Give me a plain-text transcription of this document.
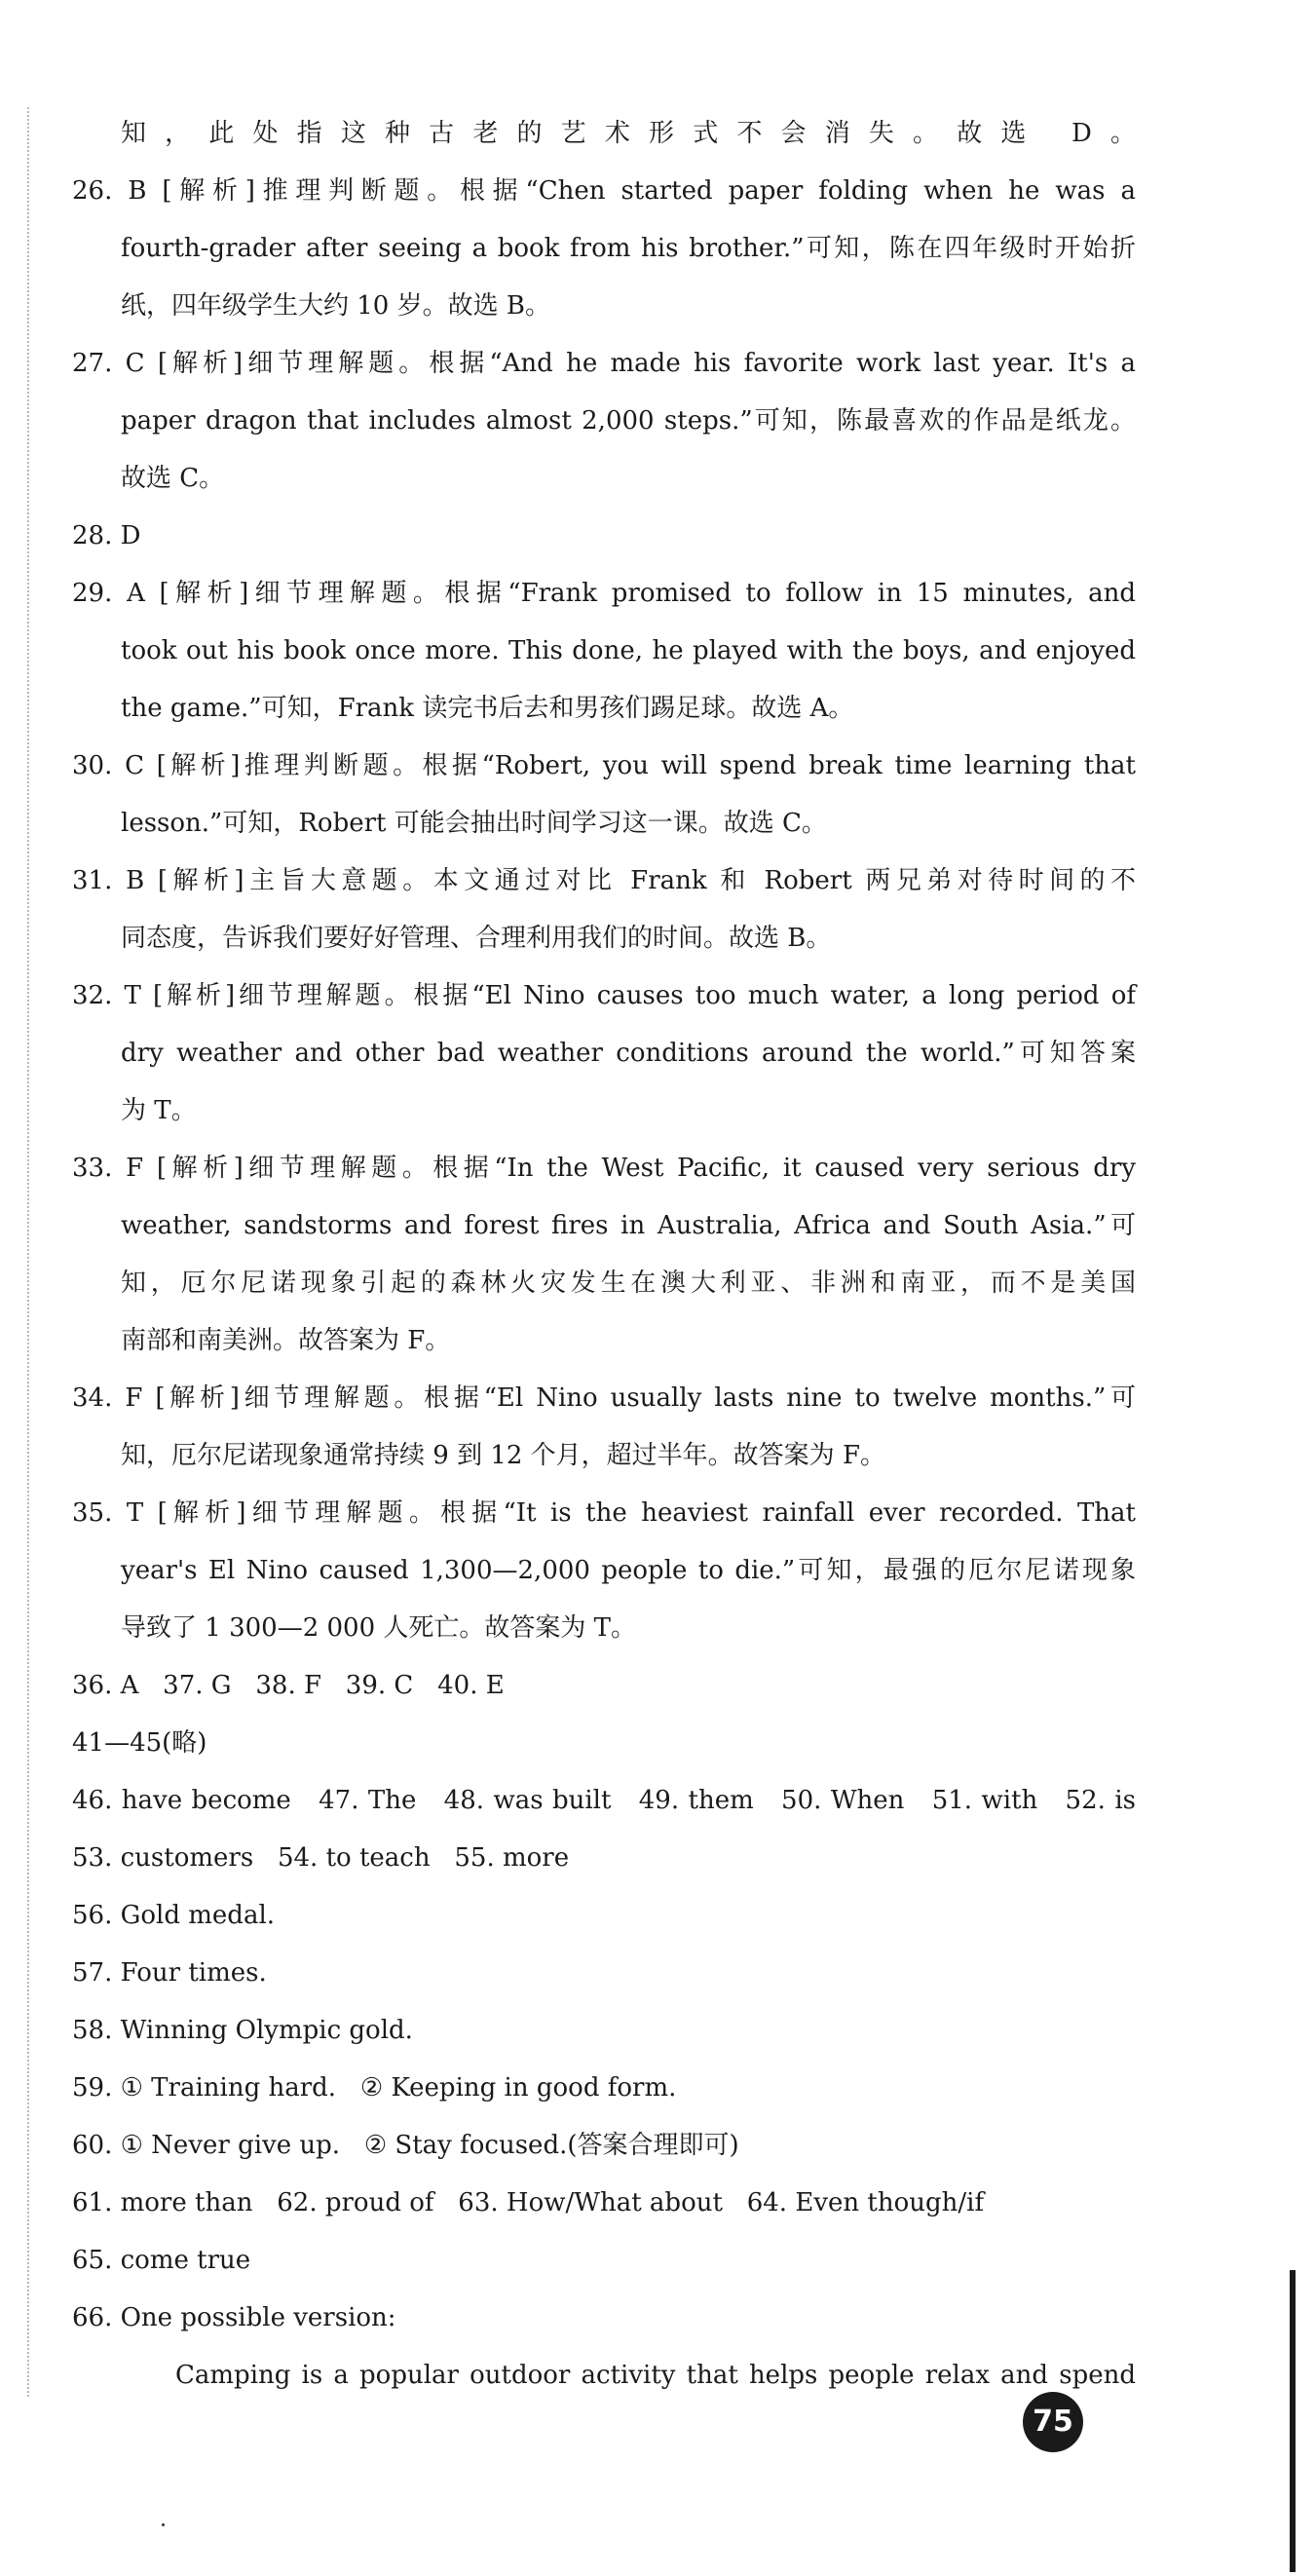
知，此处指这种古老的艺术形式不会消失。故选 D。
26. B [解析]推理判断题。根据“Chen started paper folding when he was a
fourth-grader after seeing a book from his brother.”可知，陈在四年级时开始折
纸，四年级学生大约 10 岁。故选 B。
27. C [解析]细节理解题。根据“And he made his favorite work last year. It's a
paper dragon that includes almost 2,000 steps.”可知，陈最喜欢的作品是纸龙。
故选 C。
28. D
29. A [解析]细节理解题。根据“Frank promised to follow in 15 minutes, and
took out his book once more. This done, he played with the boys, and enjoyed
the game.”可知，Frank 读完书后去和男孩们踢足球。故选 A。
30. C [解析]推理判断题。根据“Robert, you will spend break time learning that
lesson.”可知，Robert 可能会抽出时间学习这一课。故选 C。
31. B [解析]主旨大意题。本文通过对比 Frank 和 Robert 两兄弟对待时间的不
同态度，告诉我们要好好管理、合理利用我们的时间。故选 B。
32. T [解析]细节理解题。根据“El Nino causes too much water, a long period of
dry weather and other bad weather conditions around the world.”可知答案
为 T。
33. F [解析]细节理解题。根据“In the West Pacific, it caused very serious dry
weather, sandstorms and forest fires in Australia, Africa and South Asia.”可
知，厄尔尼诺现象引起的森林火灾发生在澳大利亚、非洲和南亚，而不是美国
南部和南美洲。故答案为 F。
34. F [解析]细节理解题。根据“El Nino usually lasts nine to twelve months.”可
知，厄尔尼诺现象通常持续 9 到 12 个月，超过半年。故答案为 F。
35. T [解析]细节理解题。根据“It is the heaviest rainfall ever recorded. That
year's El Nino caused 1,300—2,000 people to die.”可知，最强的厄尔尼诺现象
导致了 1 300—2 000 人死亡。故答案为 T。
36. A   37. G   38. F   39. C   40. E
41—45(略)
46. have become   47. The   48. was built   49. them   50. When   51. with   52. is
53. customers   54. to teach   55. more
56. Gold medal.
57. Four times.
58. Winning Olympic gold.
59. ① Training hard.   ② Keeping in good form.
60. ① Never give up.   ② Stay focused.(答案合理即可)
61. more than   62. proud of   63. How/What about   64. Even though/if
65. come true
66. One possible version:
Camping is a popular outdoor activity that helps people relax and spend
75
